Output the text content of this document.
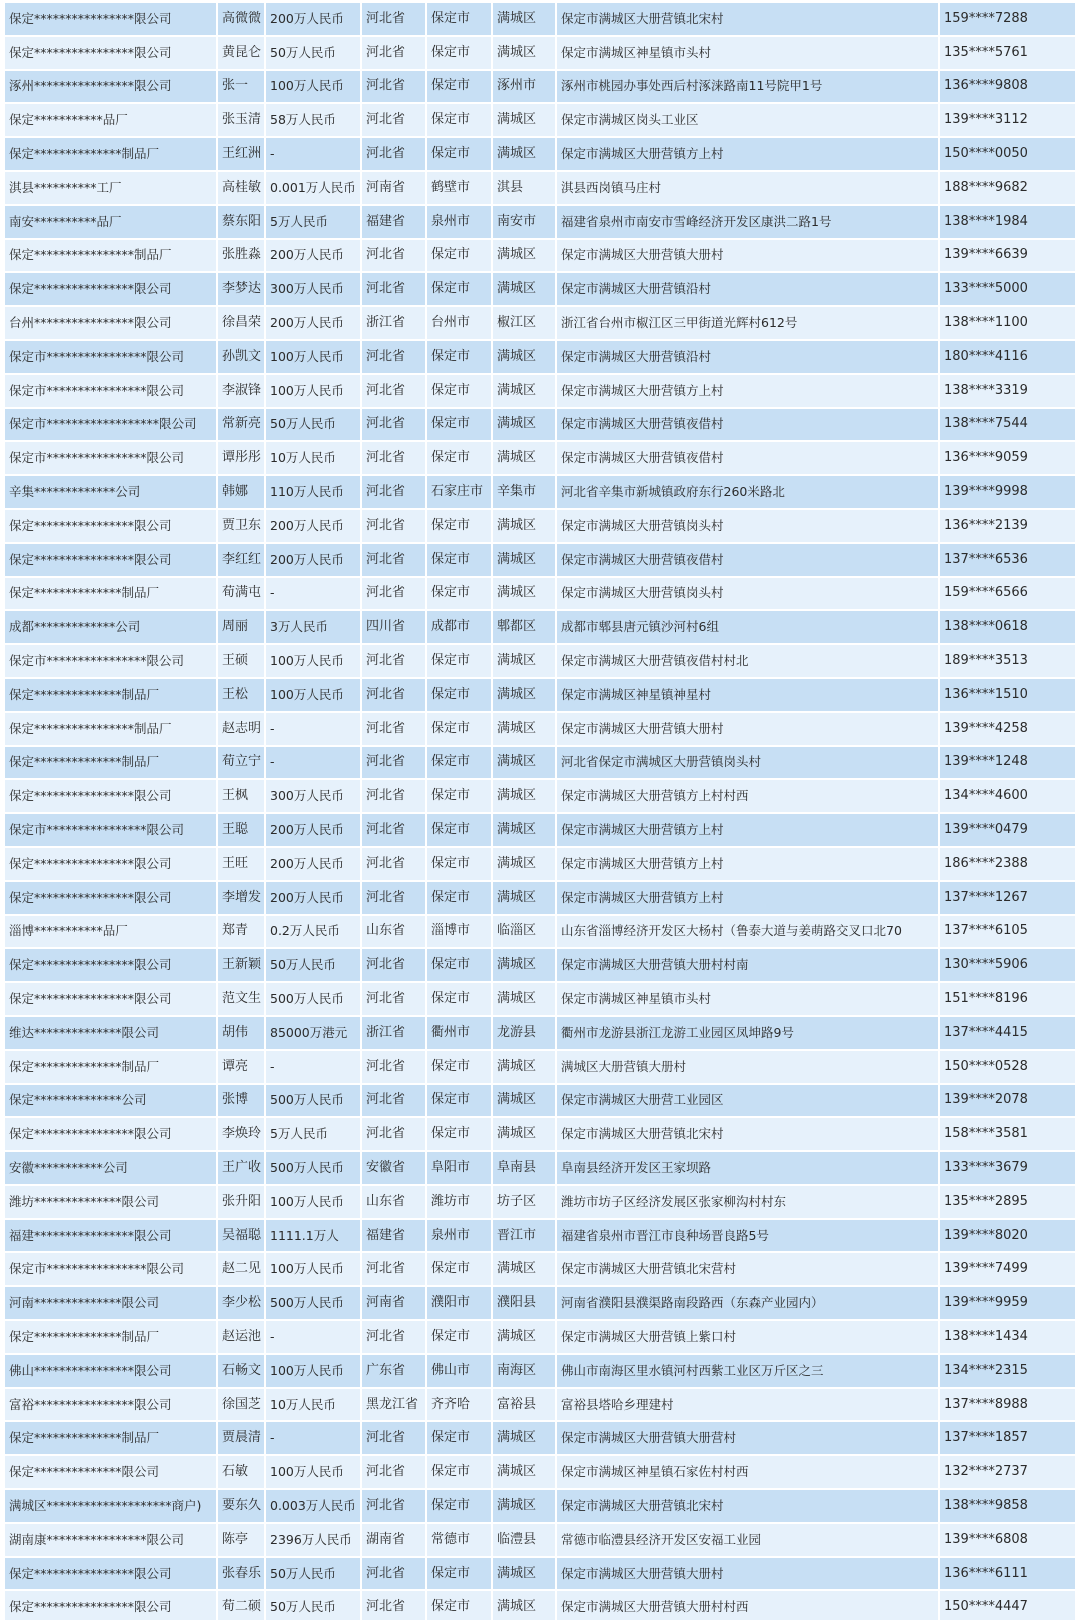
保定****************限公司	高微微	200万人民币	河北省	保定市	满城区	保定市满城区大册营镇北宋村	159****7288
保定****************限公司	黄昆仑	50万人民币	河北省	保定市	满城区	保定市满城区神星镇市头村	135****5761
涿州****************限公司	张一	100万人民币	河北省	保定市	涿州市	涿州市桃园办事处西后村涿涞路南11号院甲1号	136****9808
保定***********品厂	张玉清	58万人民币	河北省	保定市	满城区	保定市满城区岗头工业区	139****3112
保定**************制品厂	王红洲	-	河北省	保定市	满城区	保定市满城区大册营镇方上村	150****0050
淇县**********工厂	高桂敏	0.001万人民币	河南省	鹤壁市	淇县	淇县西岗镇马庄村	188****9682
南安**********品厂	蔡东阳	5万人民币	福建省	泉州市	南安市	福建省泉州市南安市雪峰经济开发区康洪二路1号	138****1984
保定****************制品厂	张胜淼	200万人民币	河北省	保定市	满城区	保定市满城区大册营镇大册村	139****6639
保定****************限公司	李梦达	300万人民币	河北省	保定市	满城区	保定市满城区大册营镇沿村	133****5000
台州****************限公司	徐昌荣	200万人民币	浙江省	台州市	椒江区	浙江省台州市椒江区三甲街道光辉村612号	138****1100
保定市****************限公司	孙凯文	100万人民币	河北省	保定市	满城区	保定市满城区大册营镇沿村	180****4116
保定市****************限公司	李淑锋	100万人民币	河北省	保定市	满城区	保定市满城区大册营镇方上村	138****3319
保定市******************限公司	常新亮	50万人民币	河北省	保定市	满城区	保定市满城区大册营镇夜借村	138****7544
保定市****************限公司	谭彤彤	10万人民币	河北省	保定市	满城区	保定市满城区大册营镇夜借村	136****9059
辛集*************公司	韩娜	110万人民币	河北省	石家庄市	辛集市	河北省辛集市新城镇政府东行260米路北	139****9998
保定****************限公司	贾卫东	200万人民币	河北省	保定市	满城区	保定市满城区大册营镇岗头村	136****2139
保定****************限公司	李红红	200万人民币	河北省	保定市	满城区	保定市满城区大册营镇夜借村	137****6536
保定**************制品厂	荀满屯	-	河北省	保定市	满城区	保定市满城区大册营镇岗头村	159****6566
成都*************公司	周丽	3万人民币	四川省	成都市	郫都区	成都市郫县唐元镇沙河村6组	138****0618
保定市****************限公司	王硕	100万人民币	河北省	保定市	满城区	保定市满城区大册营镇夜借村村北	189****3513
保定**************制品厂	王松	100万人民币	河北省	保定市	满城区	保定市满城区神星镇神星村	136****1510
保定****************制品厂	赵志明	-	河北省	保定市	满城区	保定市满城区大册营镇大册村	139****4258
保定**************制品厂	荀立宁	-	河北省	保定市	满城区	河北省保定市满城区大册营镇岗头村	139****1248
保定****************限公司	王枫	300万人民币	河北省	保定市	满城区	保定市满城区大册营镇方上村村西	134****4600
保定市****************限公司	王聪	200万人民币	河北省	保定市	满城区	保定市满城区大册营镇方上村	139****0479
保定****************限公司	王旺	200万人民币	河北省	保定市	满城区	保定市满城区大册营镇方上村	186****2388
保定****************限公司	李增发	200万人民币	河北省	保定市	满城区	保定市满城区大册营镇方上村	137****1267
淄博***********品厂	郑青	0.2万人民币	山东省	淄博市	临淄区	山东省淄博经济开发区大杨村（鲁泰大道与姜萌路交叉口北70	137****6105
保定****************限公司	王新颖	50万人民币	河北省	保定市	满城区	保定市满城区大册营镇大册村村南	130****5906
保定****************限公司	范文生	500万人民币	河北省	保定市	满城区	保定市满城区神星镇市头村	151****8196
维达**************限公司	胡伟	85000万港元	浙江省	衢州市	龙游县	衢州市龙游县浙江龙游工业园区凤坤路9号	137****4415
保定**************制品厂	谭亮	-	河北省	保定市	满城区	满城区大册营镇大册村	150****0528
保定**************公司	张博	500万人民币	河北省	保定市	满城区	保定市满城区大册营工业园区	139****2078
保定****************限公司	李焕玲	5万人民币	河北省	保定市	满城区	保定市满城区大册营镇北宋村	158****3581
安徽***********公司	王广收	500万人民币	安徽省	阜阳市	阜南县	阜南县经济开发区王家坝路	133****3679
潍坊**************限公司	张升阳	100万人民币	山东省	潍坊市	坊子区	潍坊市坊子区经济发展区张家柳沟村村东	135****2895
福建****************限公司	吴福聪	1111.1万人	福建省	泉州市	晋江市	福建省泉州市晋江市良种场晋良路5号	139****8020
保定市****************限公司	赵二见	100万人民币	河北省	保定市	满城区	保定市满城区大册营镇北宋营村	139****7499
河南**************限公司	李少松	500万人民币	河南省	濮阳市	濮阳县	河南省濮阳县濮渠路南段路西（东森产业园内）	139****9959
保定**************制品厂	赵运池	-	河北省	保定市	满城区	保定市满城区大册营镇上紫口村	138****1434
佛山****************限公司	石畅文	100万人民币	广东省	佛山市	南海区	佛山市南海区里水镇河村西紫工业区万斤区之三	134****2315
富裕****************限公司	徐国芝	10万人民币	黑龙江省	齐齐哈	富裕县	富裕县塔哈乡理建村	137****8988
保定**************制品厂	贾晨清	-	河北省	保定市	满城区	保定市满城区大册营镇大册营村	137****1857
保定**************限公司	石敏	100万人民币	河北省	保定市	满城区	保定市满城区神星镇石家佐村村西	132****2737
满城区********************商户)	要东久	0.003万人民币	河北省	保定市	满城区	保定市满城区大册营镇北宋村	138****9858
湖南康****************限公司	陈亭	2396万人民币	湖南省	常德市	临澧县	常德市临澧县经济开发区安福工业园	139****6808
保定****************限公司	张春乐	50万人民币	河北省	保定市	满城区	保定市满城区大册营镇大册村	136****6111
保定****************限公司	荀二硕	50万人民币	河北省	保定市	满城区	保定市满城区大册营镇大册村村西	150****4447
